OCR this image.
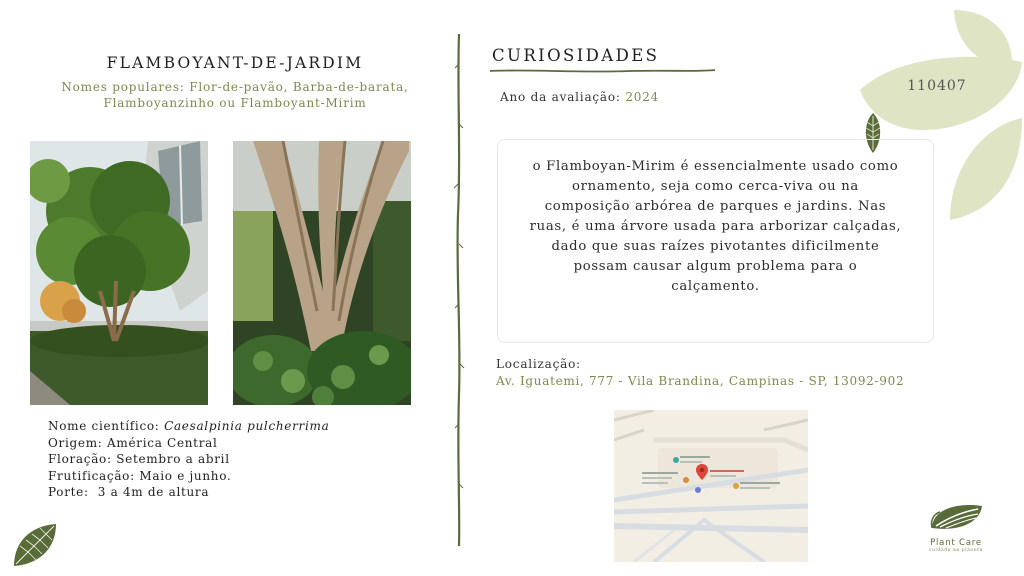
110407
FLAMBOYANT-DE-JARDIM
Nomes populares: Flor-de-pavão, Barba-de-barata,
Flamboyanzinho ou Flamboyant-Mirim
Nome científico: Caesalpinia pulcherrima
Origem: América Central
Floração: Setembro a abril
Frutificação: Maio e junho.
Porte: 3 a 4m de altura
CURIOSIDADES
Ano da avaliação: 2024
o Flamboyan-Mirim é essencialmente usado como
ornamento, seja como cerca-viva ou na
composição arbórea de parques e jardins. Nas
ruas, é uma árvore usada para arborizar calçadas,
dado que suas raízes pivotantes dificilmente
possam causar algum problema para o
calçamento.
Localização:
Av. Iguatemi, 777 - Vila Brandina, Campinas - SP, 13092-902
Plant Care
cuidado ao planeta
